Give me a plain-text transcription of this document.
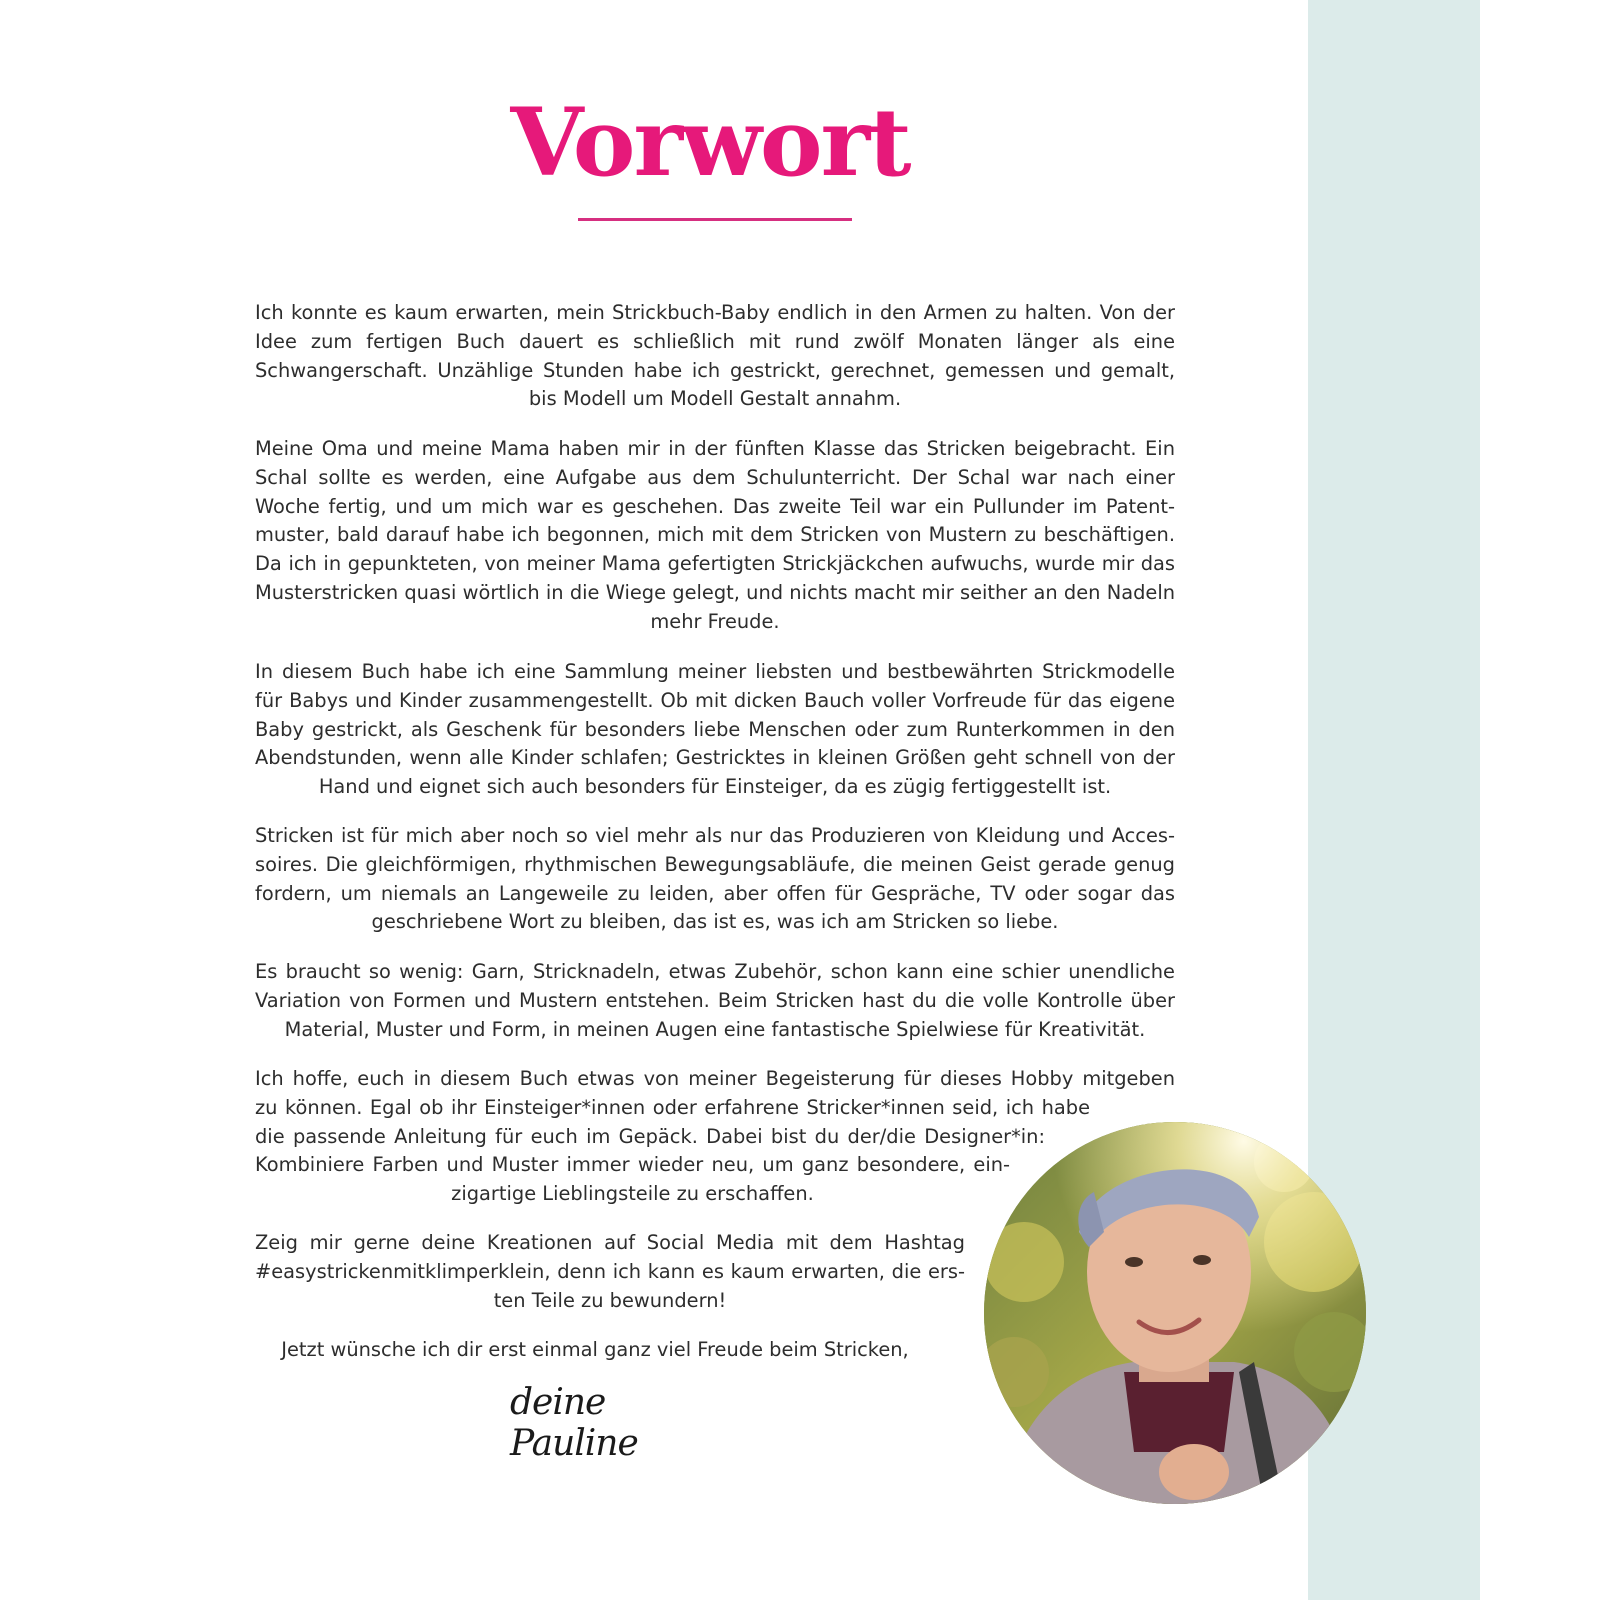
Vorwort

Ich konnte es kaum erwarten, mein Strickbuch-Baby endlich in den Armen zu halten. Von der Idee zum fertigen Buch dauert es schließlich mit rund zwölf Monaten länger als eine Schwangerschaft. Unzählige Stunden habe ich gestrickt, gerechnet, gemessen und gemalt, bis Modell um Modell Gestalt annahm.

Meine Oma und meine Mama haben mir in der fünften Klasse das Stricken beigebracht. Ein Schal sollte es werden, eine Aufgabe aus dem Schulunterricht. Der Schal war nach einer Woche fertig, und um mich war es geschehen. Das zweite Teil war ein Pullunder im Patentmuster, bald darauf habe ich begonnen, mich mit dem Stricken von Mustern zu beschäftigen. Da ich in gepunkteten, von meiner Mama gefertigten Strickjäckchen aufwuchs, wurde mir das Musterstricken quasi wörtlich in die Wiege gelegt, und nichts macht mir seither an den Nadeln mehr Freude.

In diesem Buch habe ich eine Sammlung meiner liebsten und bestbewährten Strickmodelle für Babys und Kinder zusammengestellt. Ob mit dicken Bauch voller Vorfreude für das eigene Baby gestrickt, als Geschenk für besonders liebe Menschen oder zum Runterkommen in den Abendstunden, wenn alle Kinder schlafen; Gestricktes in kleinen Größen geht schnell von der Hand und eignet sich auch besonders für Einsteiger, da es zügig fertiggestellt ist.

Stricken ist für mich aber noch so viel mehr als nur das Produzieren von Kleidung und Accessoires. Die gleichförmigen, rhythmischen Bewegungsabläufe, die meinen Geist gerade genug fordern, um niemals an Langeweile zu leiden, aber offen für Gespräche, TV oder sogar das geschriebene Wort zu bleiben, das ist es, was ich am Stricken so liebe.

Es braucht so wenig: Garn, Stricknadeln, etwas Zubehör, schon kann eine schier unendliche Variation von Formen und Mustern entstehen. Beim Stricken hast du die volle Kontrolle über Material, Muster und Form, in meinen Augen eine fantastische Spielwiese für Kreativität.

Ich hoffe, euch in diesem Buch etwas von meiner Begeisterung für dieses Hobby mitgeben
zu können. Egal ob ihr Einsteiger*innen oder erfahrene Stricker*innen seid, ich habe
die passende Anleitung für euch im Gepäck. Dabei bist du der/die Designer*in:
Kombiniere Farben und Muster immer wieder neu, um ganz besondere, ein-
zigartige Lieblingsteile zu erschaffen.

Zeig mir gerne deine Kreationen auf Social Media mit dem Hashtag #easystrickenmitklimperklein, denn ich kann es kaum erwarten, die ersten Teile zu bewundern!

Jetzt wünsche ich dir erst einmal ganz viel Freude beim Stricken,

deine Pauline
